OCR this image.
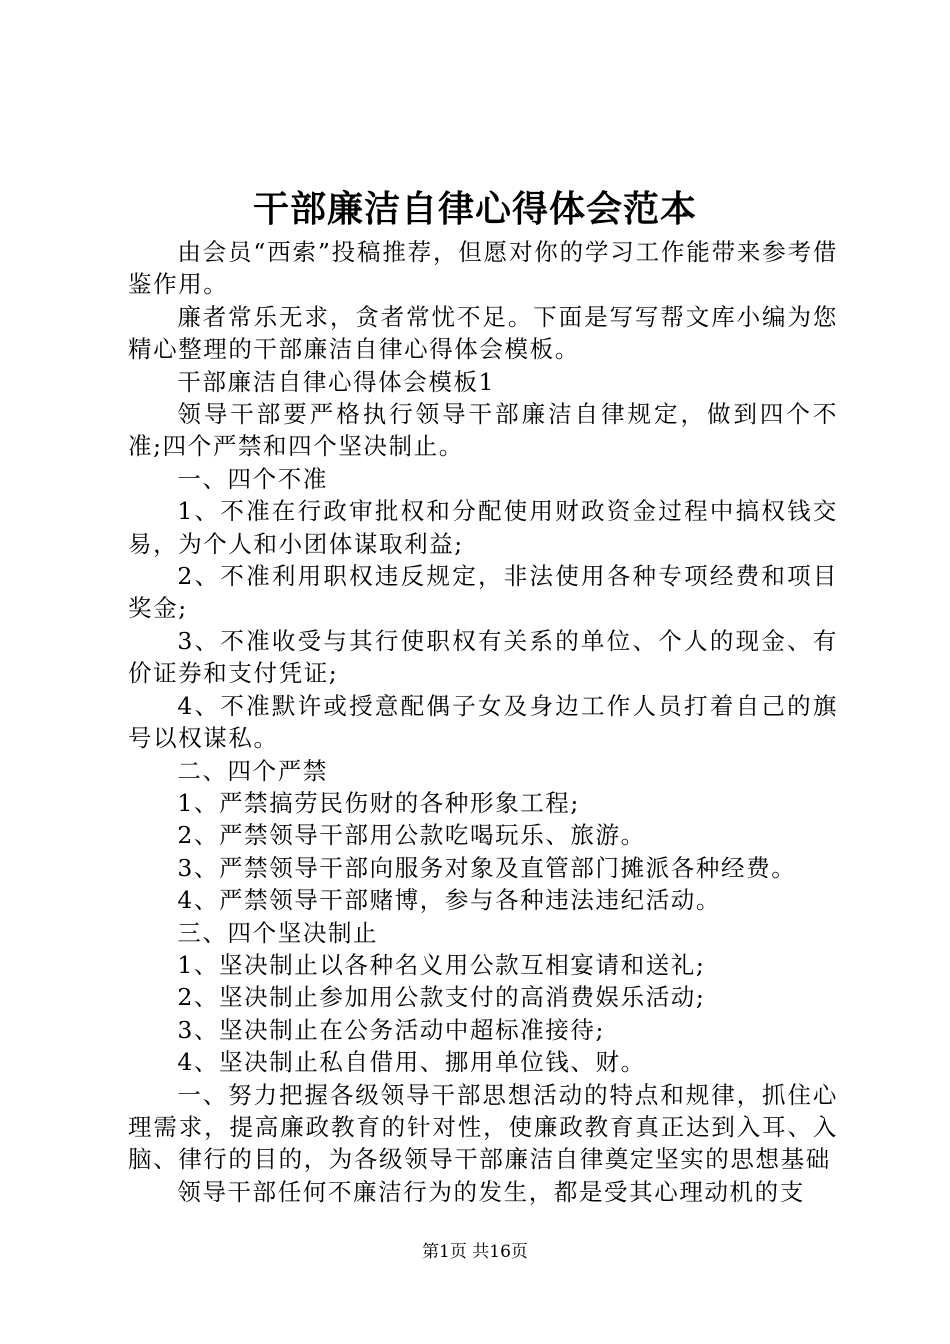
干部廉洁自律心得体会范本

由会员“西索”投稿推荐，但愿对你的学习工作能带来参考借鉴作用。

廉者常乐无求，贪者常忧不足。下面是写写帮文库小编为您精心整理的干部廉洁自律心得体会模板。

干部廉洁自律心得体会模板1

领导干部要严格执行领导干部廉洁自律规定，做到四个不准;四个严禁和四个坚决制止。

一、四个不准

1、不准在行政审批权和分配使用财政资金过程中搞权钱交易，为个人和小团体谋取利益;

2、不准利用职权违反规定，非法使用各种专项经费和项目奖金;

3、不准收受与其行使职权有关系的单位、个人的现金、有价证券和支付凭证;

4、不准默许或授意配偶子女及身边工作人员打着自己的旗号以权谋私。

二、四个严禁

1、严禁搞劳民伤财的各种形象工程;

2、严禁领导干部用公款吃喝玩乐、旅游。

3、严禁领导干部向服务对象及直管部门摊派各种经费。

4、严禁领导干部赌博，参与各种违法违纪活动。

三、四个坚决制止

1、坚决制止以各种名义用公款互相宴请和送礼;

2、坚决制止参加用公款支付的高消费娱乐活动;

3、坚决制止在公务活动中超标准接待;

4、坚决制止私自借用、挪用单位钱、财。

一、努力把握各级领导干部思想活动的特点和规律，抓住心理需求，提高廉政教育的针对性，使廉政教育真正达到入耳、入脑、律行的目的，为各级领导干部廉洁自律奠定坚实的思想基础

领导干部任何不廉洁行为的发生，都是受其心理动机的支

第1页 共16页
